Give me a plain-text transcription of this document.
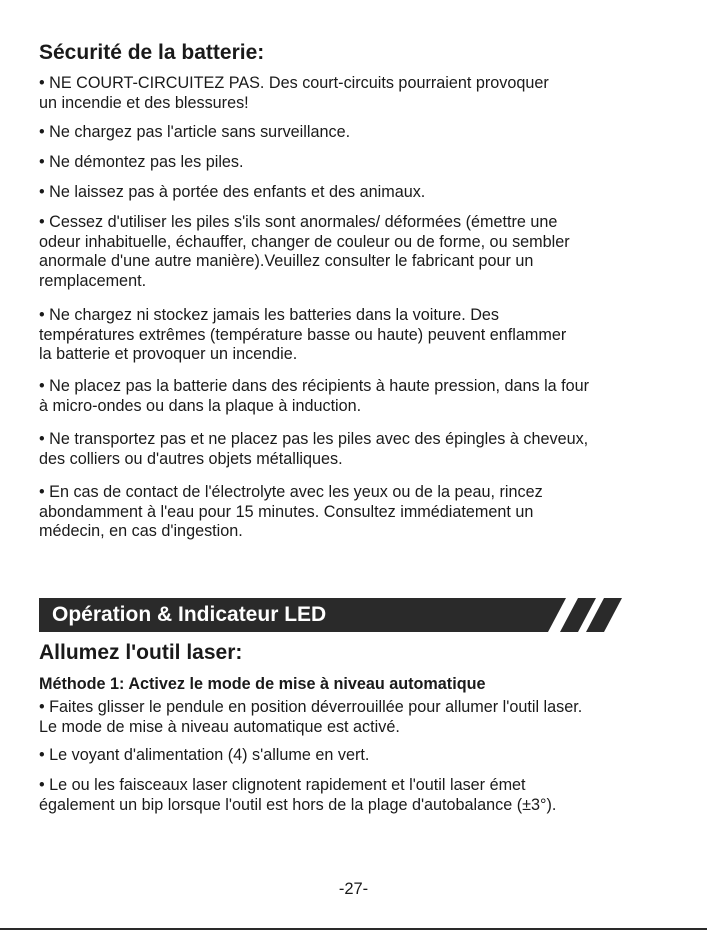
Sécurité de la batterie:

• NE COURT-CIRCUITEZ PAS. Des court-circuits pourraient provoquer
un incendie et des blessures!

• Ne chargez pas l'article sans surveillance.

• Ne démontez pas les piles.

• Ne laissez pas à portée des enfants et des animaux.

• Cessez d'utiliser les piles s'ils sont anormales/ déformées (émettre une
odeur inhabituelle, échauffer, changer de couleur ou de forme, ou sembler
anormale d'une autre manière).Veuillez consulter le fabricant pour un
remplacement.

• Ne chargez ni stockez jamais les batteries dans la voiture. Des
températures extrêmes (température basse ou haute) peuvent enflammer
la batterie et provoquer un incendie.

• Ne placez pas la batterie dans des récipients à haute pression, dans la four
à micro-ondes ou dans la plaque à induction.

• Ne transportez pas et ne placez pas les piles avec des épingles à cheveux,
des colliers ou d'autres objets métalliques.

• En cas de contact de l'électrolyte avec les yeux ou de la peau, rincez
abondamment à l'eau pour 15 minutes. Consultez immédiatement un
médecin, en cas d'ingestion.

Opération & Indicateur LED
Allumez l'outil laser:
Méthode 1: Activez le mode de mise à niveau automatique

• Faites glisser le pendule en position déverrouillée pour allumer l'outil laser.
Le mode de mise à niveau automatique est activé.

• Le voyant d'alimentation (4) s'allume en vert.

• Le ou les faisceaux laser clignotent rapidement et l'outil laser émet
également un bip lorsque l'outil est hors de la plage d'autobalance (±3°).

-27-
